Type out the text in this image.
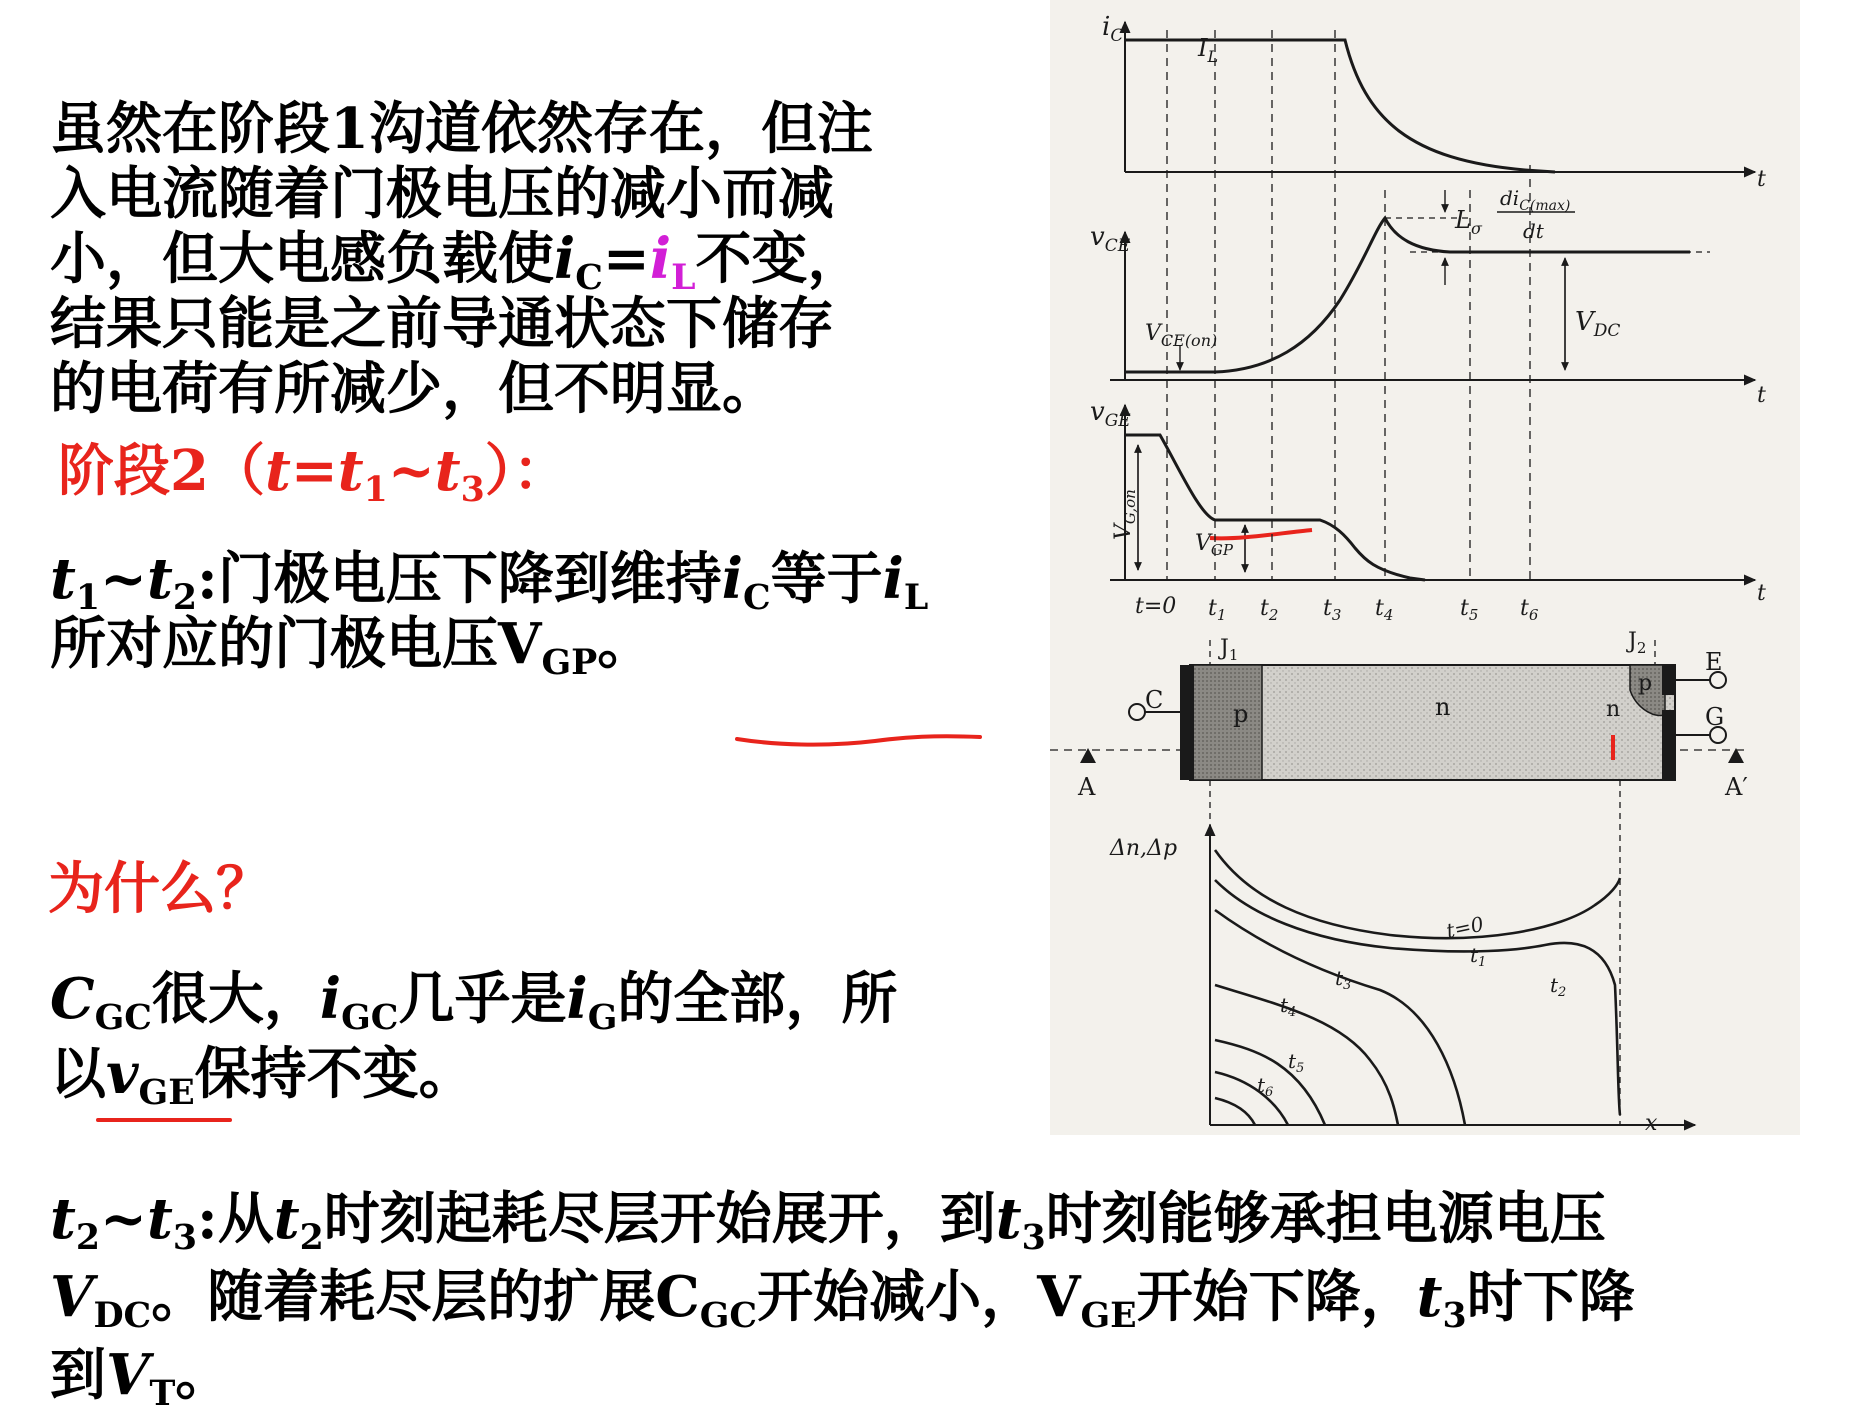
虽然在阶段1沟道依然存在，但注
入电流随着门极电压的减小而减
小，但大电感负载使$i_C=i_L$不变，
结果只能是之前导通状态下储存
的电荷有所减少，但不明显。
阶段$2(t=t_1\sim t_3)$：
$t_1\sim t_2$:门极电压下降到维持$i_C$等于$i_L$
所对应的门极电压$V_{GP}$。
为什么？
$C_{GC}$很大，$i_{GC}$几乎是$i_G$的全部，所
以$v_{GE}$保持不变。
$t_2\sim t_3$:从$t_2$时刻起耗尽层开始展开，到$t_3$时刻能够承担电源电压
$V_{DC}$。随着耗尽层的扩展$C_{GC}$开始减小，$V_{GE}$开始下降，$t_3$时下降
到$V_T$。
$i_C$	$I_L$
t
$v_{CE}$
$V_{CE(on)}$
$L_\sigma$
$di_{C(max)}$
dt
$V_{DC}$
t
$v_{GE}$
$V_{G,on}$
$V_{GP}$
t
t=0 $t_1$ $t_2$ $t_3$ $t_4$	$t_5$ $t_6$
$J_1$
$J_2$
C
E
G
p	n
p
n
A	A′
Δn,Δp
x
t=0
$t_1$
$t_2$
$t_3$
$t_4$
$t_5$
$t_6$
